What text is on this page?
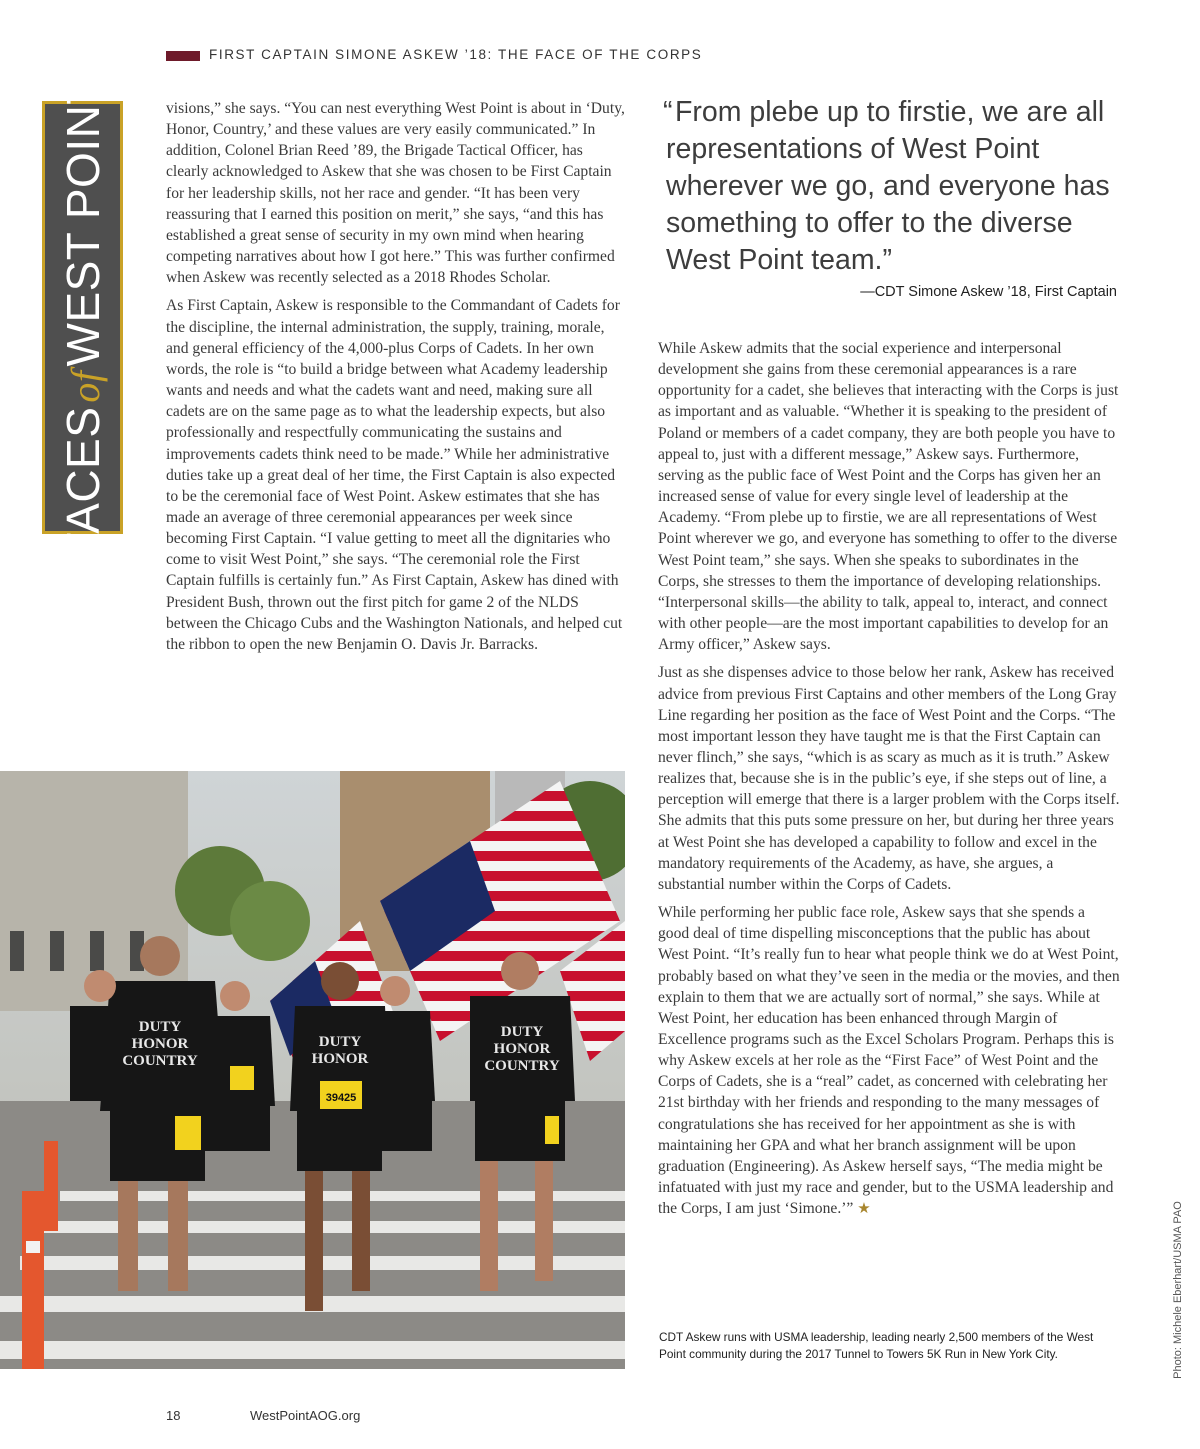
FIRST CAPTAIN SIMONE ASKEW ’18: THE FACE OF THE CORPS
FACESofWEST POINT	visions,” she says. “You can nest everything West Point is about in ‘Duty, Honor, Country,’ and these values are very easily communicated.” In addition, Colonel Brian Reed ’89, the Brigade Tactical Officer, has clearly acknowledged to Askew that she was chosen to be First Captain for her leadership skills, not her race and gender. “It has been very reassuring that I earned this position on merit,” she says, “and this has established a great sense of security in my own mind when hearing competing narratives about how I got here.” This was further confirmed when Askew was recently selected as a 2018 Rhodes Scholar.

As First Captain, Askew is responsible to the Commandant of Cadets for the discipline, the internal administration, the supply, training, morale, and general efficiency of the 4,000-plus Corps of Cadets. In her own words, the role is “to build a bridge between what Academy leadership wants and needs and what the cadets want and need, making sure all cadets are on the same page as to what the leadership expects, but also professionally and respectfully communicating the sustains and improvements cadets think need to be made.” While her administrative duties take up a great deal of her time, the First Captain is also expected to be the ceremonial face of West Point. Askew estimates that she has made an average of three ceremonial appearances per week since becoming First Captain. “I value getting to meet all the dignitaries who come to visit West Point,” she says. “The ceremonial role the First Captain fulfills is certainly fun.” As First Captain, Askew has dined with President Bush, thrown out the first pitch for game 2 of the NLDS between the Chicago Cubs and the Washington Nationals, and helped cut the ribbon to open the new Benjamin O. Davis Jr. Barracks.

“From plebe up to firstie, we are all
representations of West Point
wherever we go, and everyone has
something to offer to the diverse
West Point team.”
—CDT Simone Askew ’18, First Captain

While Askew admits that the social experience and interpersonal development she gains from these ceremonial appearances is a rare opportunity for a cadet, she believes that interacting with the Corps is just as important and as valuable. “Whether it is speaking to the president of Poland or members of a cadet company, they are both people you have to appeal to, just with a different message,” Askew says. Furthermore, serving as the public face of West Point and the Corps has given her an increased sense of value for every single level of leadership at the Academy. “From plebe up to firstie, we are all representations of West Point wherever we go, and everyone has something to offer to the diverse West Point team,” she says. When she speaks to subordinates in the Corps, she stresses to them the importance of developing relationships. “Interpersonal skills—the ability to talk, appeal to, interact, and connect with other people—are the most important capabilities to develop for an Army officer,” Askew says.

Just as she dispenses advice to those below her rank, Askew has received advice from previous First Captains and other members of the Long Gray Line regarding her position as the face of West Point and the Corps. “The most important lesson they have taught me is that the First Captain can never flinch,” she says, “which is as scary as much as it is truth.” Askew realizes that, because she is in the public’s eye, if she steps out of line, a perception will emerge that there is a larger problem with the Corps itself. She admits that this puts some pressure on her, but during her three years at West Point she has developed a capability to follow and excel in the mandatory requirements of the Academy, as have, she argues, a substantial number within the Corps of Cadets.

While performing her public face role, Askew says that she spends a good deal of time dispelling misconceptions that the public has about West Point. “It’s really fun to hear what people think we do at West Point, probably based on what they’ve seen in the media or the movies, and then explain to them that we are actually sort of normal,” she says. While at West Point, her education has been enhanced through Margin of Excellence programs such as the Excel Scholars Program. Perhaps this is why Askew excels at her role as the “First Face” of West Point and the Corps of Cadets, she is a “real” cadet, as concerned with celebrating her 21st birthday with her friends and responding to the many messages of congratulations she has received for her appointment as she is with maintaining her GPA and what her branch assignment will be upon graduation (Engineering). As Askew herself says, “The media might be infatuated with just my race and gender, but to the USMA leadership and the Corps, I am just ‘Simone.’” ★

DUTY
HONOR
COUNTRY
DUTY
HONOR
DUTY
HONOR
COUNTRY
39425
CDT Askew runs with USMA leadership, leading nearly 2,500 members of the West Point community during the 2017 Tunnel to Towers 5K Run in New York City.	Photo: Michele Eberhart/USMA PAO
18	WestPointAOG.org
